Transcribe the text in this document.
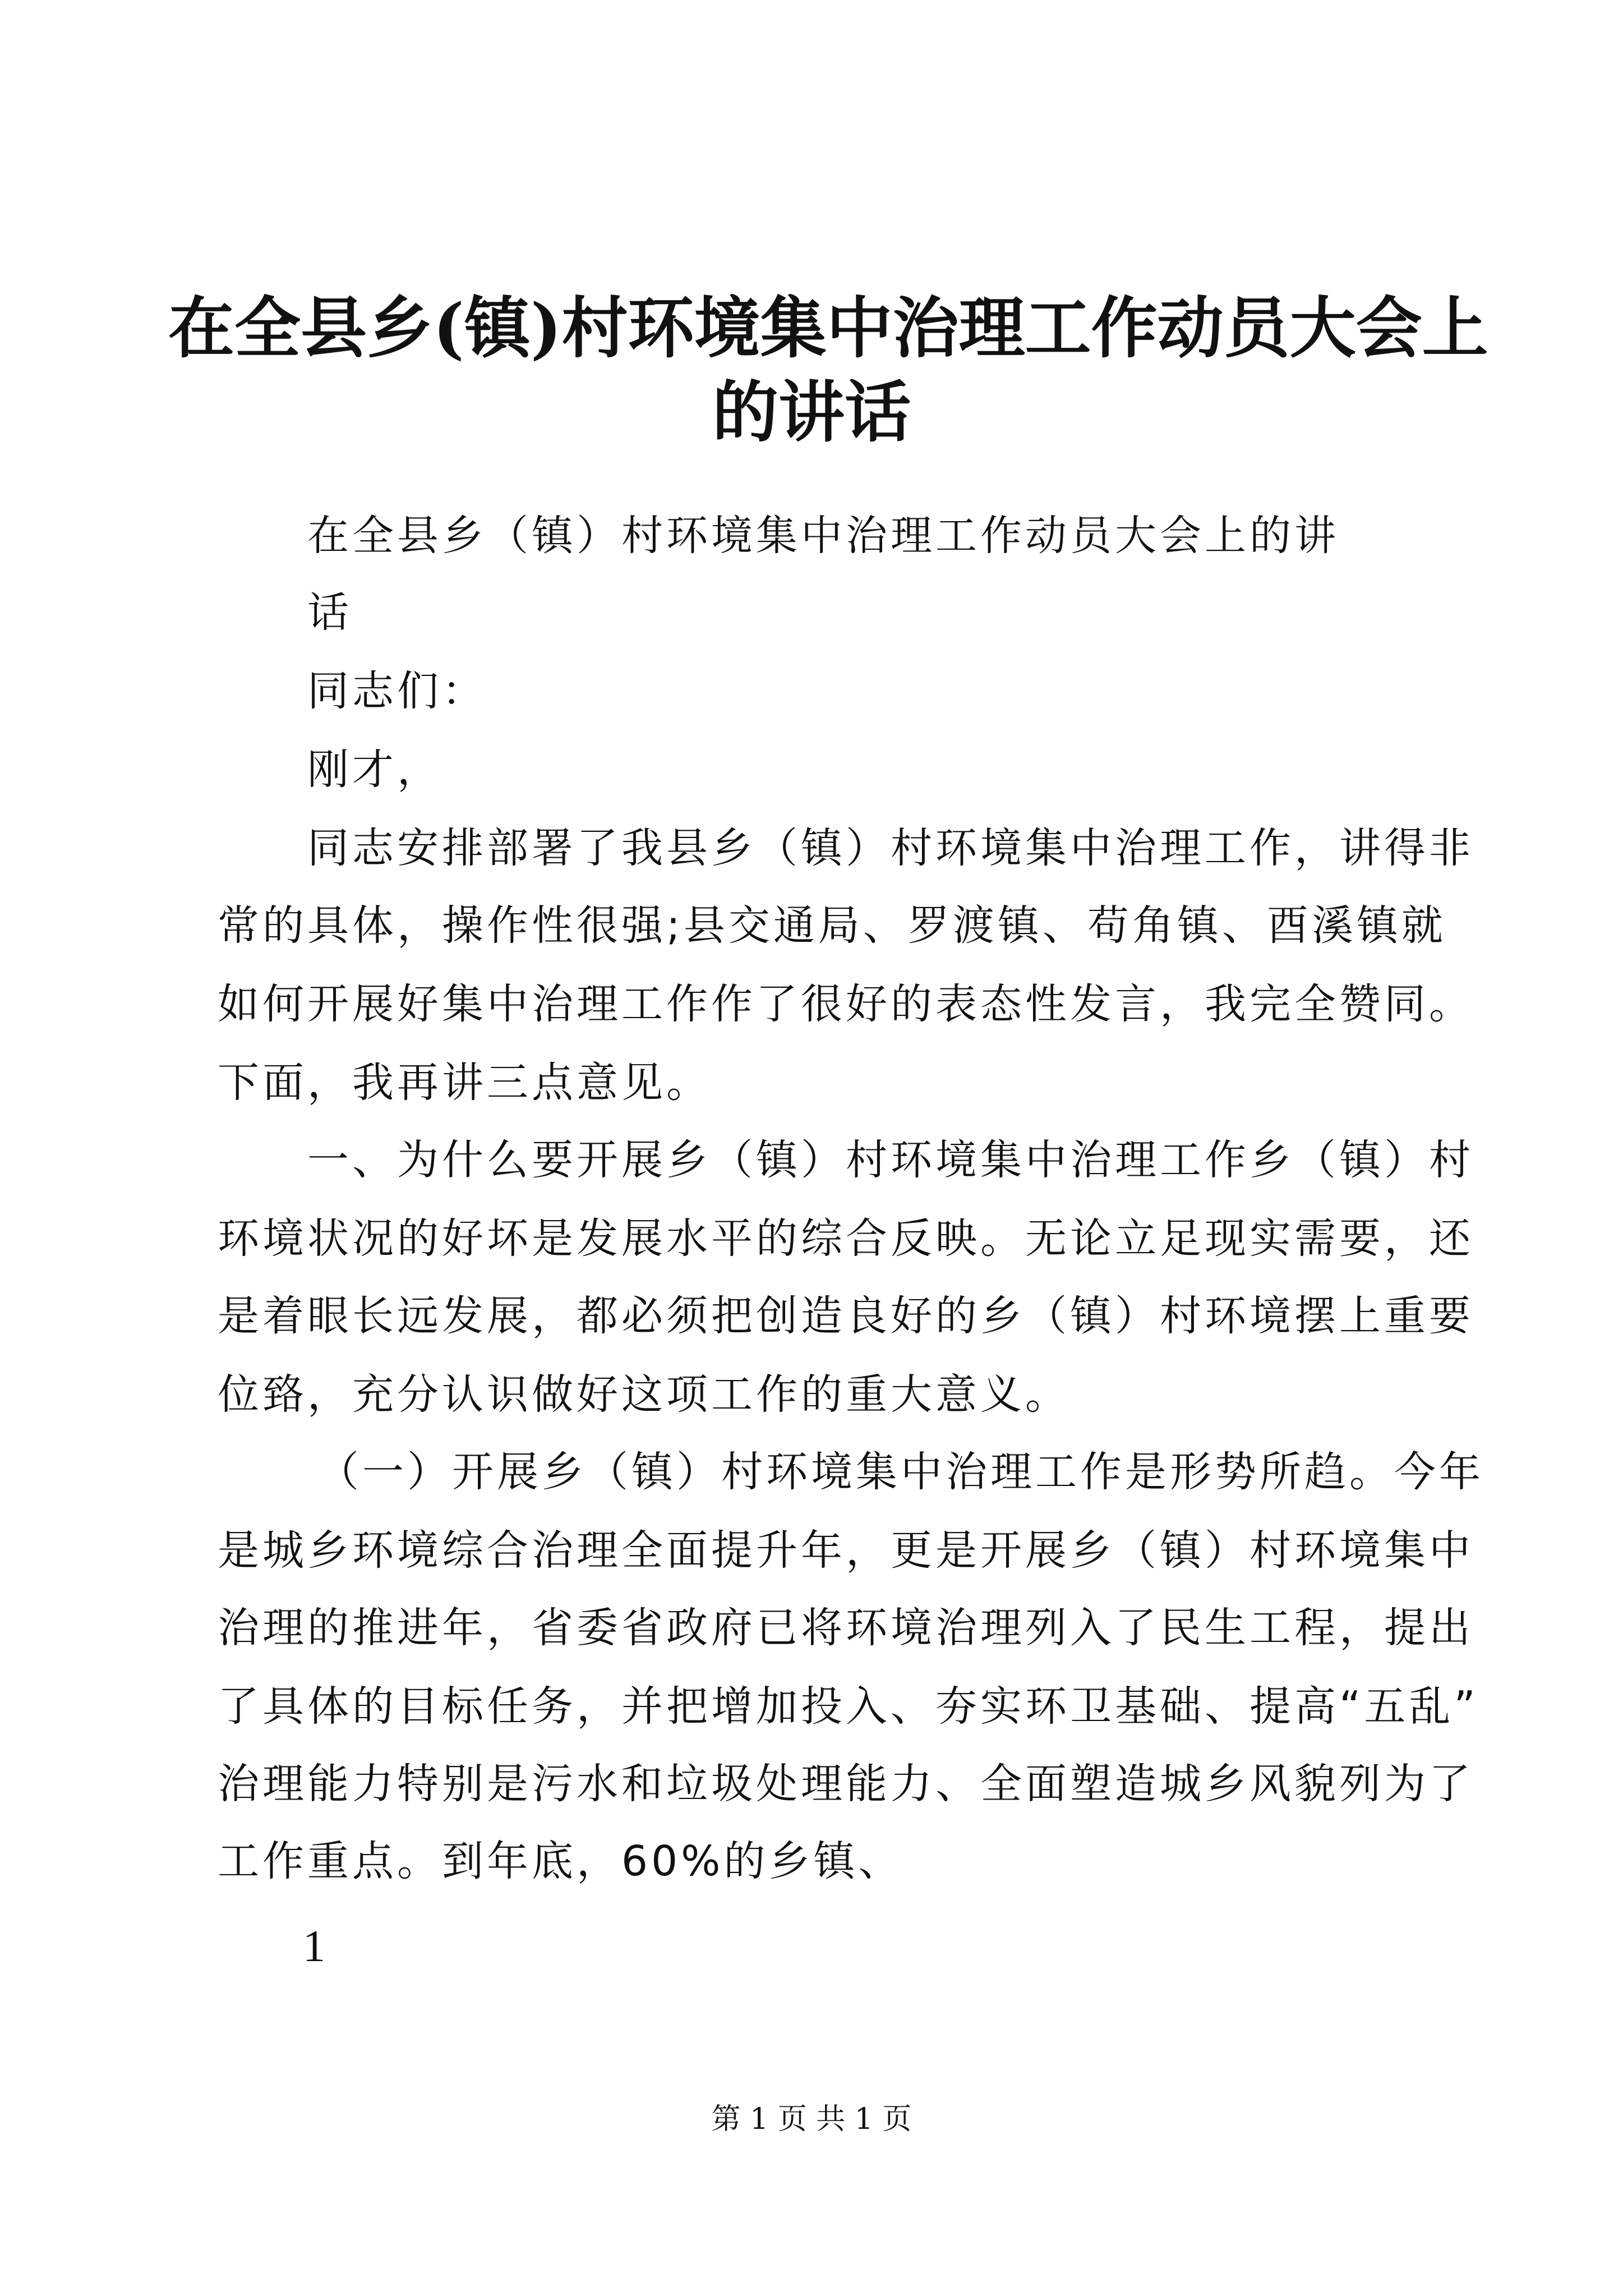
在全县乡(镇)村环境集中治理工作动员大会上
的讲话
在全县乡（镇）村环境集中治理工作动员大会上的讲
话
同志们：
刚才，
同志安排部署了我县乡（镇）村环境集中治理工作，讲得非
常的具体，操作性很强;县交通局、罗渡镇、苟角镇、酉溪镇就
如何开展好集中治理工作作了很好的表态性发言，我完全赞同。
下面，我再讲三点意见。
一、为什么要开展乡（镇）村环境集中治理工作乡（镇）村
环境状况的好坏是发展水平的综合反映。无论立足现实需要，还
是着眼长远发展，都必须把创造良好的乡（镇）村环境摆上重要
位臵，充分认识做好这项工作的重大意义。
（一）开展乡（镇）村环境集中治理工作是形势所趋。今年
是城乡环境综合治理全面提升年，更是开展乡（镇）村环境集中
治理的推进年，省委省政府已将环境治理列入了民生工程，提出
了具体的目标任务，并把增加投入、夯实环卫基础、提高“五乱”
治理能力特别是污水和垃圾处理能力、全面塑造城乡风貌列为了
工作重点。到年底，60%的乡镇、
1
第 1 页 共 1 页
